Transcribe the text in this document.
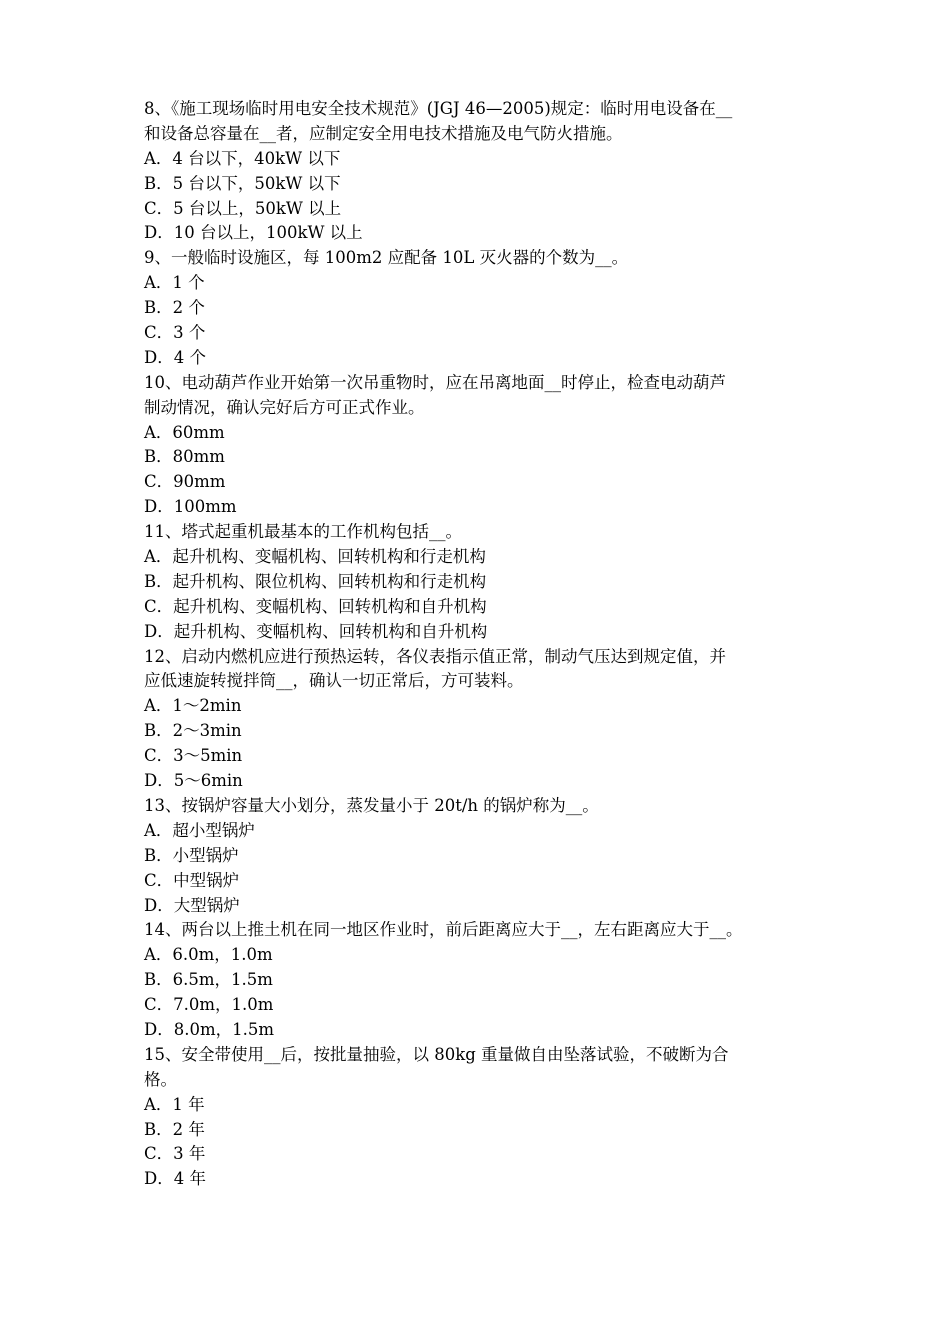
8、《施工现场临时用电安全技术规范》(JGJ 46—2005)规定：临时用电设备在__
和设备总容量在__者，应制定安全用电技术措施及电气防火措施。
A．4 台以下，40kW 以下
B．5 台以下，50kW 以下
C．5 台以上，50kW 以上
D．10 台以上，100kW 以上
9、一般临时设施区，每 100m2 应配备 10L 灭火器的个数为__。
A．1 个
B．2 个
C．3 个
D．4 个
10、电动葫芦作业开始第一次吊重物时，应在吊离地面__时停止，检查电动葫芦
制动情况，确认完好后方可正式作业。
A．60mm
B．80mm
C．90mm
D．100mm
11、塔式起重机最基本的工作机构包括__。
A．起升机构、变幅机构、回转机构和行走机构
B．起升机构、限位机构、回转机构和行走机构
C．起升机构、变幅机构、回转机构和自升机构
D．起升机构、变幅机构、回转机构和自升机构
12、启动内燃机应进行预热运转，各仪表指示值正常，制动气压达到规定值，并
应低速旋转搅拌筒__，确认一切正常后，方可装料。
A．1～2min
B．2～3min
C．3～5min
D．5～6min
13、按锅炉容量大小划分，蒸发量小于 20t/h 的锅炉称为__。
A．超小型锅炉
B．小型锅炉
C．中型锅炉
D．大型锅炉
14、两台以上推土机在同一地区作业时，前后距离应大于__，左右距离应大于__。
A．6.0m，1.0m
B．6.5m，1.5m
C．7.0m，1.0m
D．8.0m，1.5m
15、安全带使用__后，按批量抽验，以 80kg 重量做自由坠落试验，不破断为合
格。
A．1 年
B．2 年
C．3 年
D．4 年
